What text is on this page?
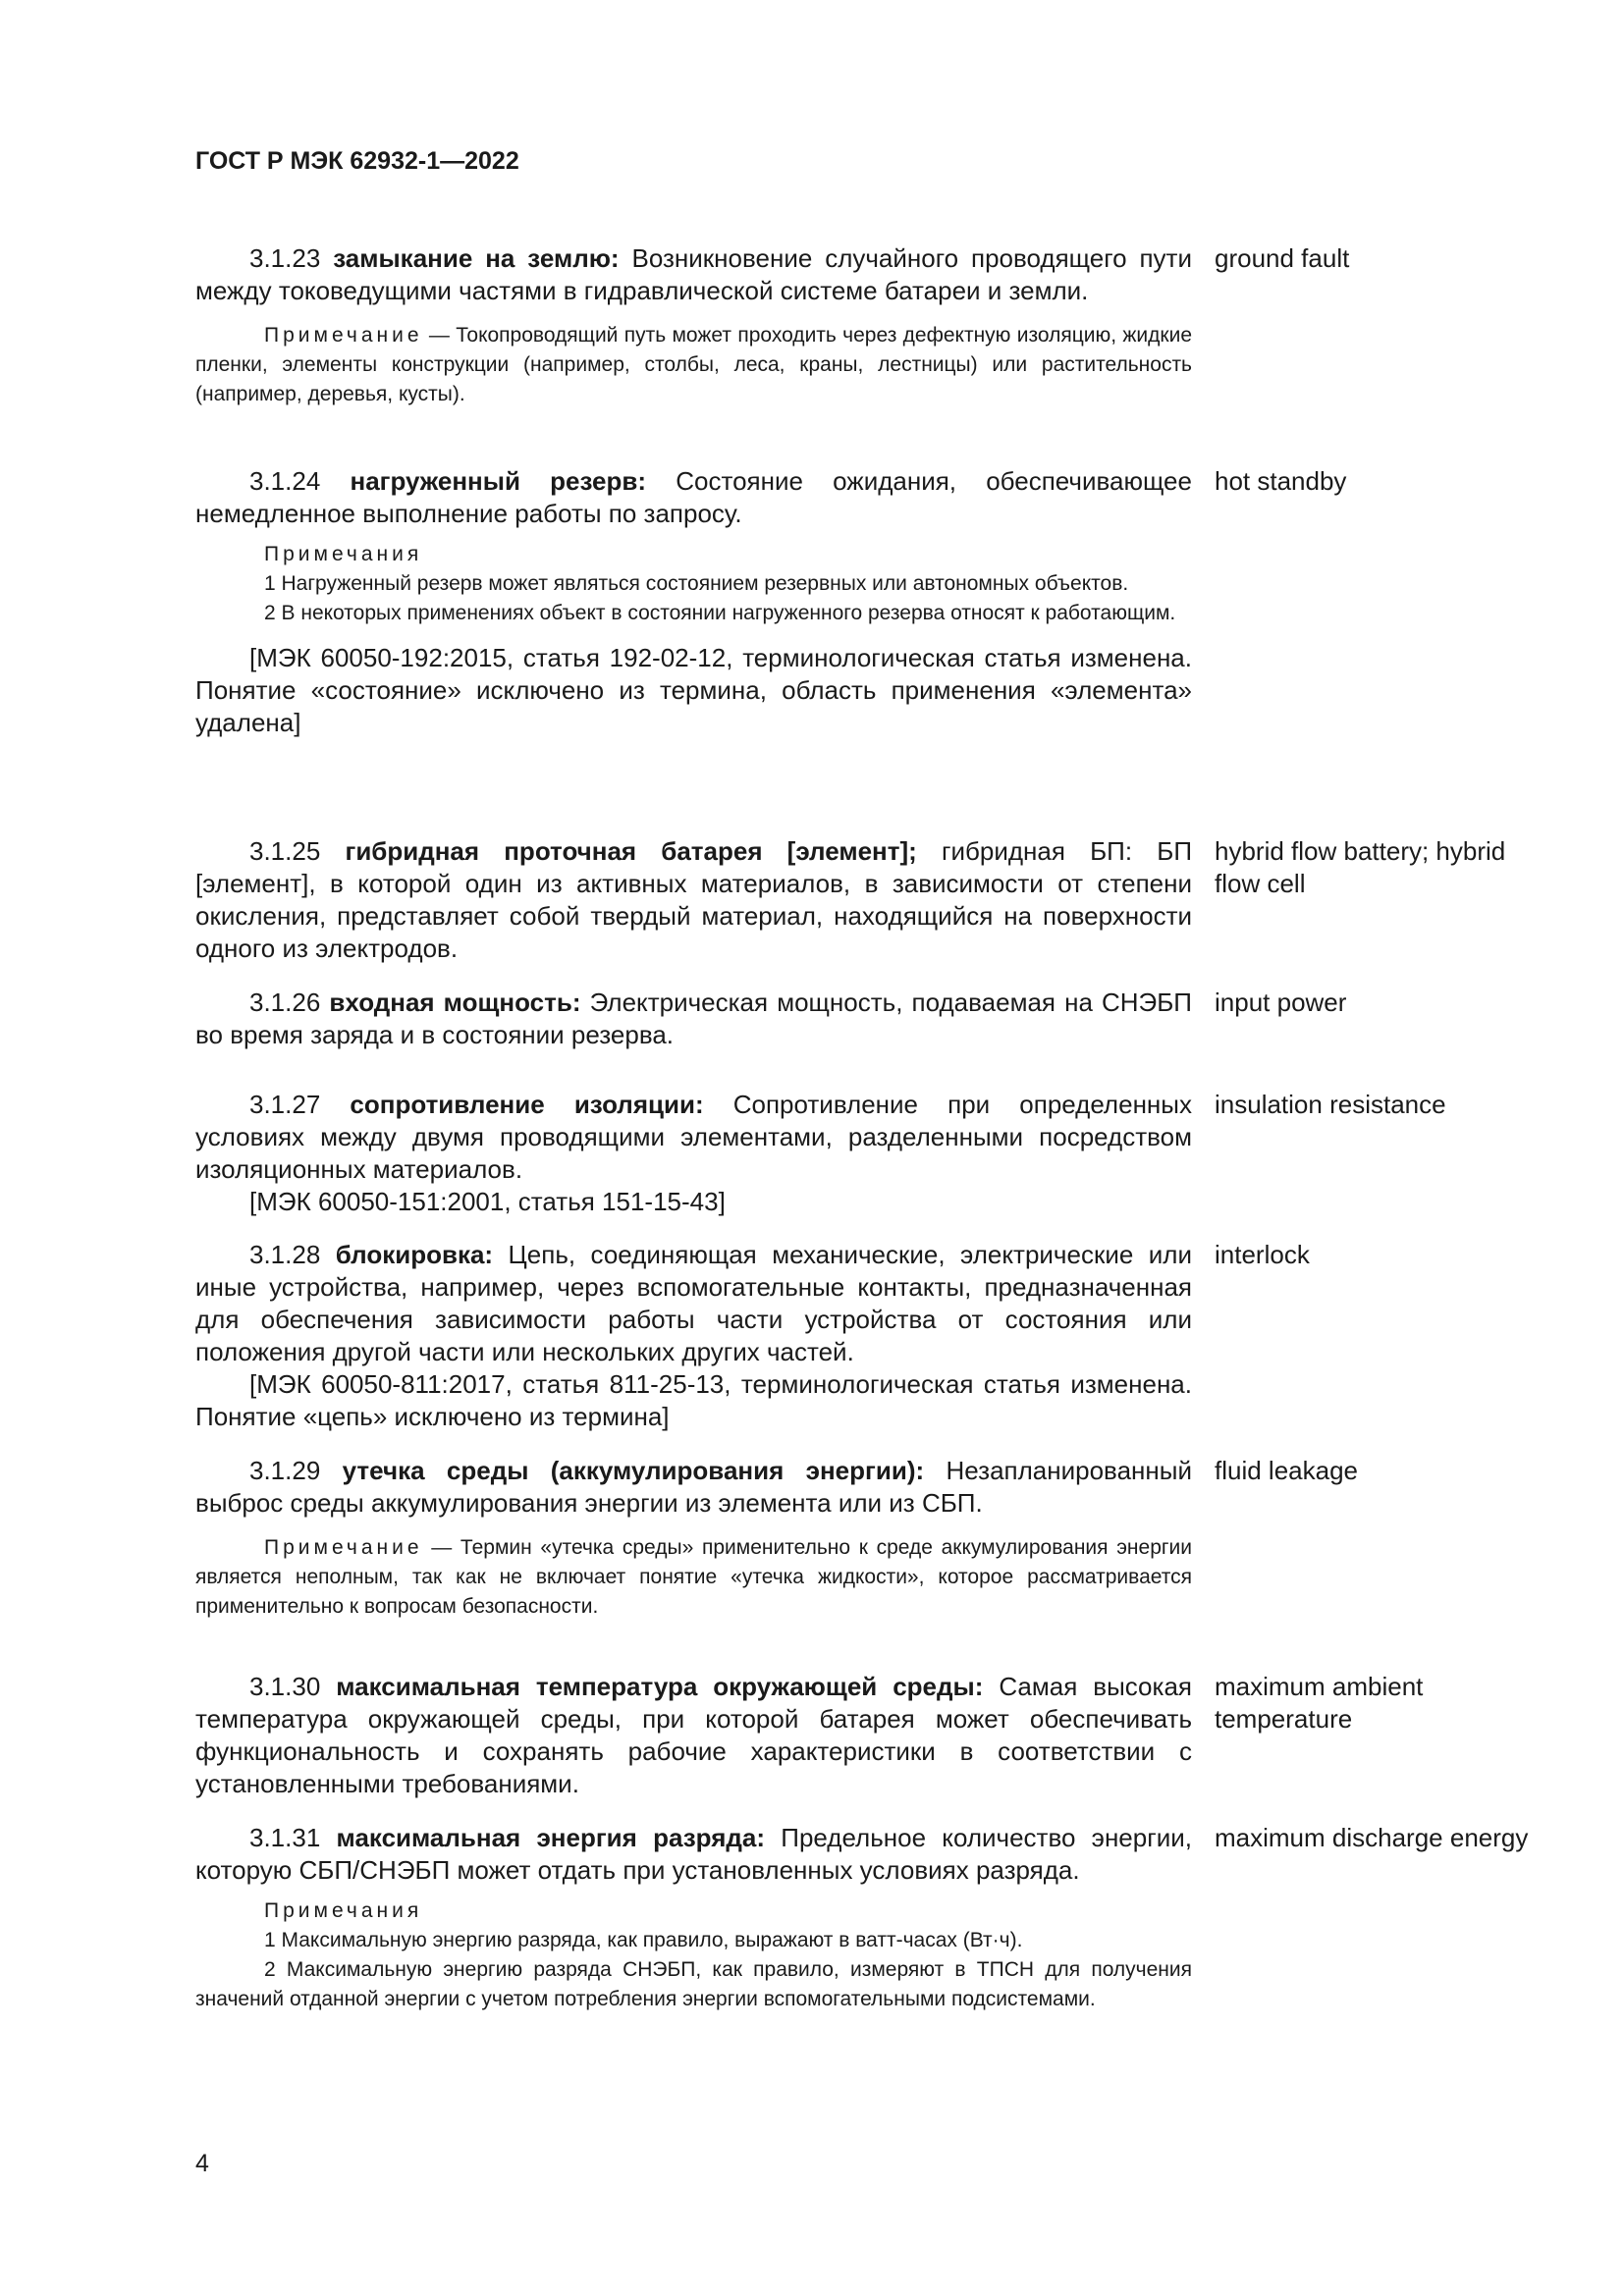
ГОСТ Р МЭК 62932-1—2022

3.1.23 замыкание на землю: Возникновение случайного проводящего пути между токоведущими частями в гидравлической системе батареи и земли.

Примечание — Токопроводящий путь может проходить через дефектную изоляцию, жидкие пленки, элементы конструкции (например, столбы, леса, краны, лестницы) или растительность (например, деревья, кусты).

ground fault

3.1.24 нагруженный резерв: Состояние ожидания, обеспечивающее немедленное выполнение работы по запросу.

Примечания

1 Нагруженный резерв может являться состоянием резервных или автономных объектов.

2 В некоторых применениях объект в состоянии нагруженного резерва относят к работающим.

[МЭК 60050-192:2015, статья 192-02-12, терминологическая статья изменена. Понятие «состояние» исключено из термина, область применения «элемента» удалена]

hot standby

3.1.25 гибридная проточная батарея [элемент]; гибридная БП: БП [элемент], в которой один из активных материалов, в зависимости от степени окисления, представляет собой твердый материал, находящийся на поверхности одного из электродов.

hybrid flow battery; hybrid flow cell

3.1.26 входная мощность: Электрическая мощность, подаваемая на СНЭБП во время заряда и в состоянии резерва.

input power

3.1.27 сопротивление изоляции: Сопротивление при определенных условиях между двумя проводящими элементами, разделенными посредством изоляционных материалов.

[МЭК 60050-151:2001, статья 151-15-43]

insulation resistance

3.1.28 блокировка: Цепь, соединяющая механические, электрические или иные устройства, например, через вспомогательные контакты, предназначенная для обеспечения зависимости работы части устройства от состояния или положения другой части или нескольких других частей.

[МЭК 60050-811:2017, статья 811-25-13, терминологическая статья изменена. Понятие «цепь» исключено из термина]

interlock

3.1.29 утечка среды (аккумулирования энергии): Незапланированный выброс среды аккумулирования энергии из элемента или из СБП.

Примечание — Термин «утечка среды» применительно к среде аккумулирования энергии является неполным, так как не включает понятие «утечка жидкости», которое рассматривается применительно к вопросам безопасности.

fluid leakage

3.1.30 максимальная температура окружающей среды: Самая высокая температура окружающей среды, при которой батарея может обеспечивать функциональность и сохранять рабочие характеристики в соответствии с установленными требованиями.

maximum ambient temperature

3.1.31 максимальная энергия разряда: Предельное количество энергии, которую СБП/СНЭБП может отдать при установленных условиях разряда.

Примечания

1 Максимальную энергию разряда, как правило, выражают в ватт-часах (Вт·ч).

2 Максимальную энергию разряда СНЭБП, как правило, измеряют в ТПСН для получения значений отданной энергии с учетом потребления энергии вспомогательными подсистемами.

maximum discharge energy
4
